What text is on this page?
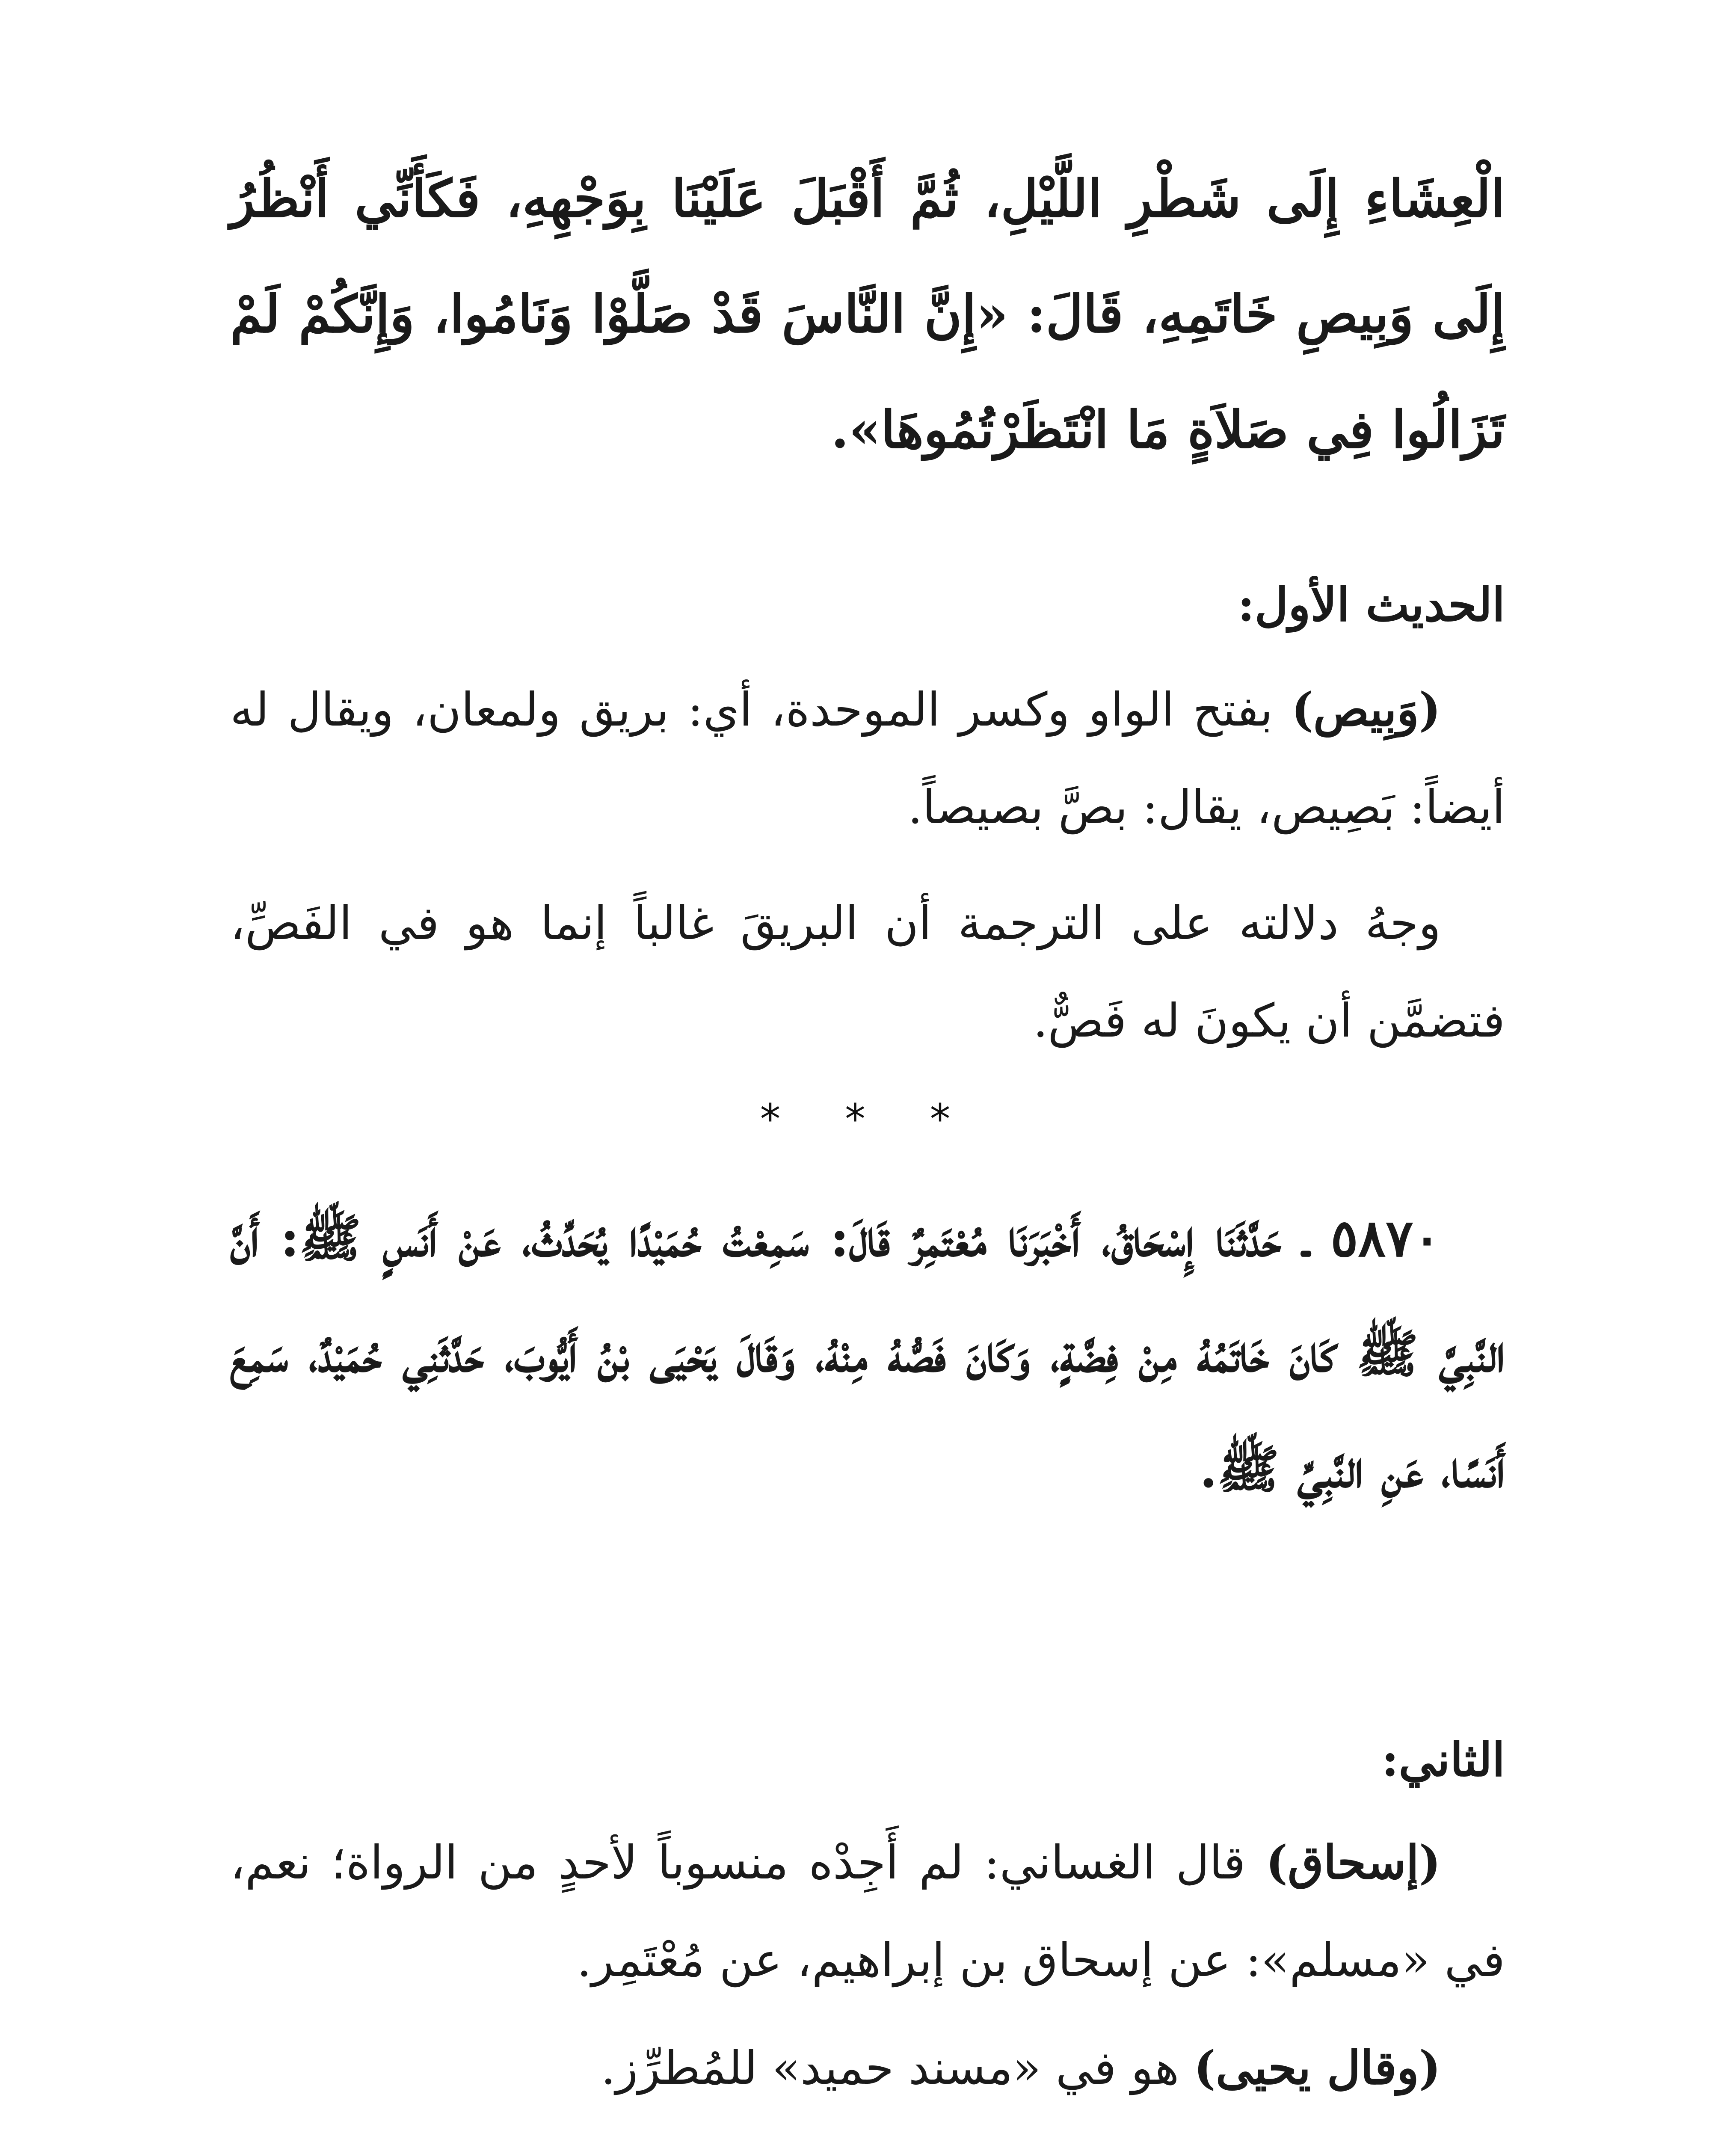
الْعِشَاءِ إِلَى شَطْرِ اللَّيْلِ، ثُمَّ أَقْبَلَ عَلَيْنَا بِوَجْهِهِ، فَكَأَنِّي أَنْظُرُ إِلَى وَبِيصِ خَاتَمِهِ، قَالَ: «إِنَّ النَّاسَ قَدْ صَلَّوْا وَنَامُوا، وَإِنَّكُمْ لَمْ تَزَالُوا فِي صَلاَةٍ مَا انْتَظَرْتُمُوهَا».
الحديث الأول:
(وَبِيص) بفتح الواو وكسر الموحدة، أي: بريق ولمعان، ويقال له أيضاً: بَصِيص، يقال: بصَّ بصيصاً.
وجهُ دلالته على الترجمة أن البريقَ غالباً إنما هو في الفَصِّ، فتضمَّن أن يكونَ له فَصٌّ.
* * *
٥٨٧٠ ـ حَدَّثَنَا إِسْحَاقُ، أَخْبَرَنَا مُعْتَمِرٌ قَالَ: سَمِعْتُ حُمَيْدًا يُحَدِّثُ، عَنْ أَنَسٍ ﷺ: أَنَّ النَّبِيَّ ﷺ كَانَ خَاتَمُهُ مِنْ فِضَّةٍ، وَكَانَ فَصُّهُ مِنْهُ، وَقَالَ يَحْيَى بْنُ أَيُّوبَ، حَدَّثَنِي حُمَيْدٌ، سَمِعَ أَنَسًا، عَنِ النَّبِيِّ ﷺ.
الثاني:
(إسحاق) قال الغساني: لم أَجِدْه منسوباً لأحدٍ من الرواة؛ نعم، في «مسلم»: عن إسحاق بن إبراهيم، عن مُعْتَمِر.
(وقال يحيى) هو في «مسند حميد» للمُطرِّز.
